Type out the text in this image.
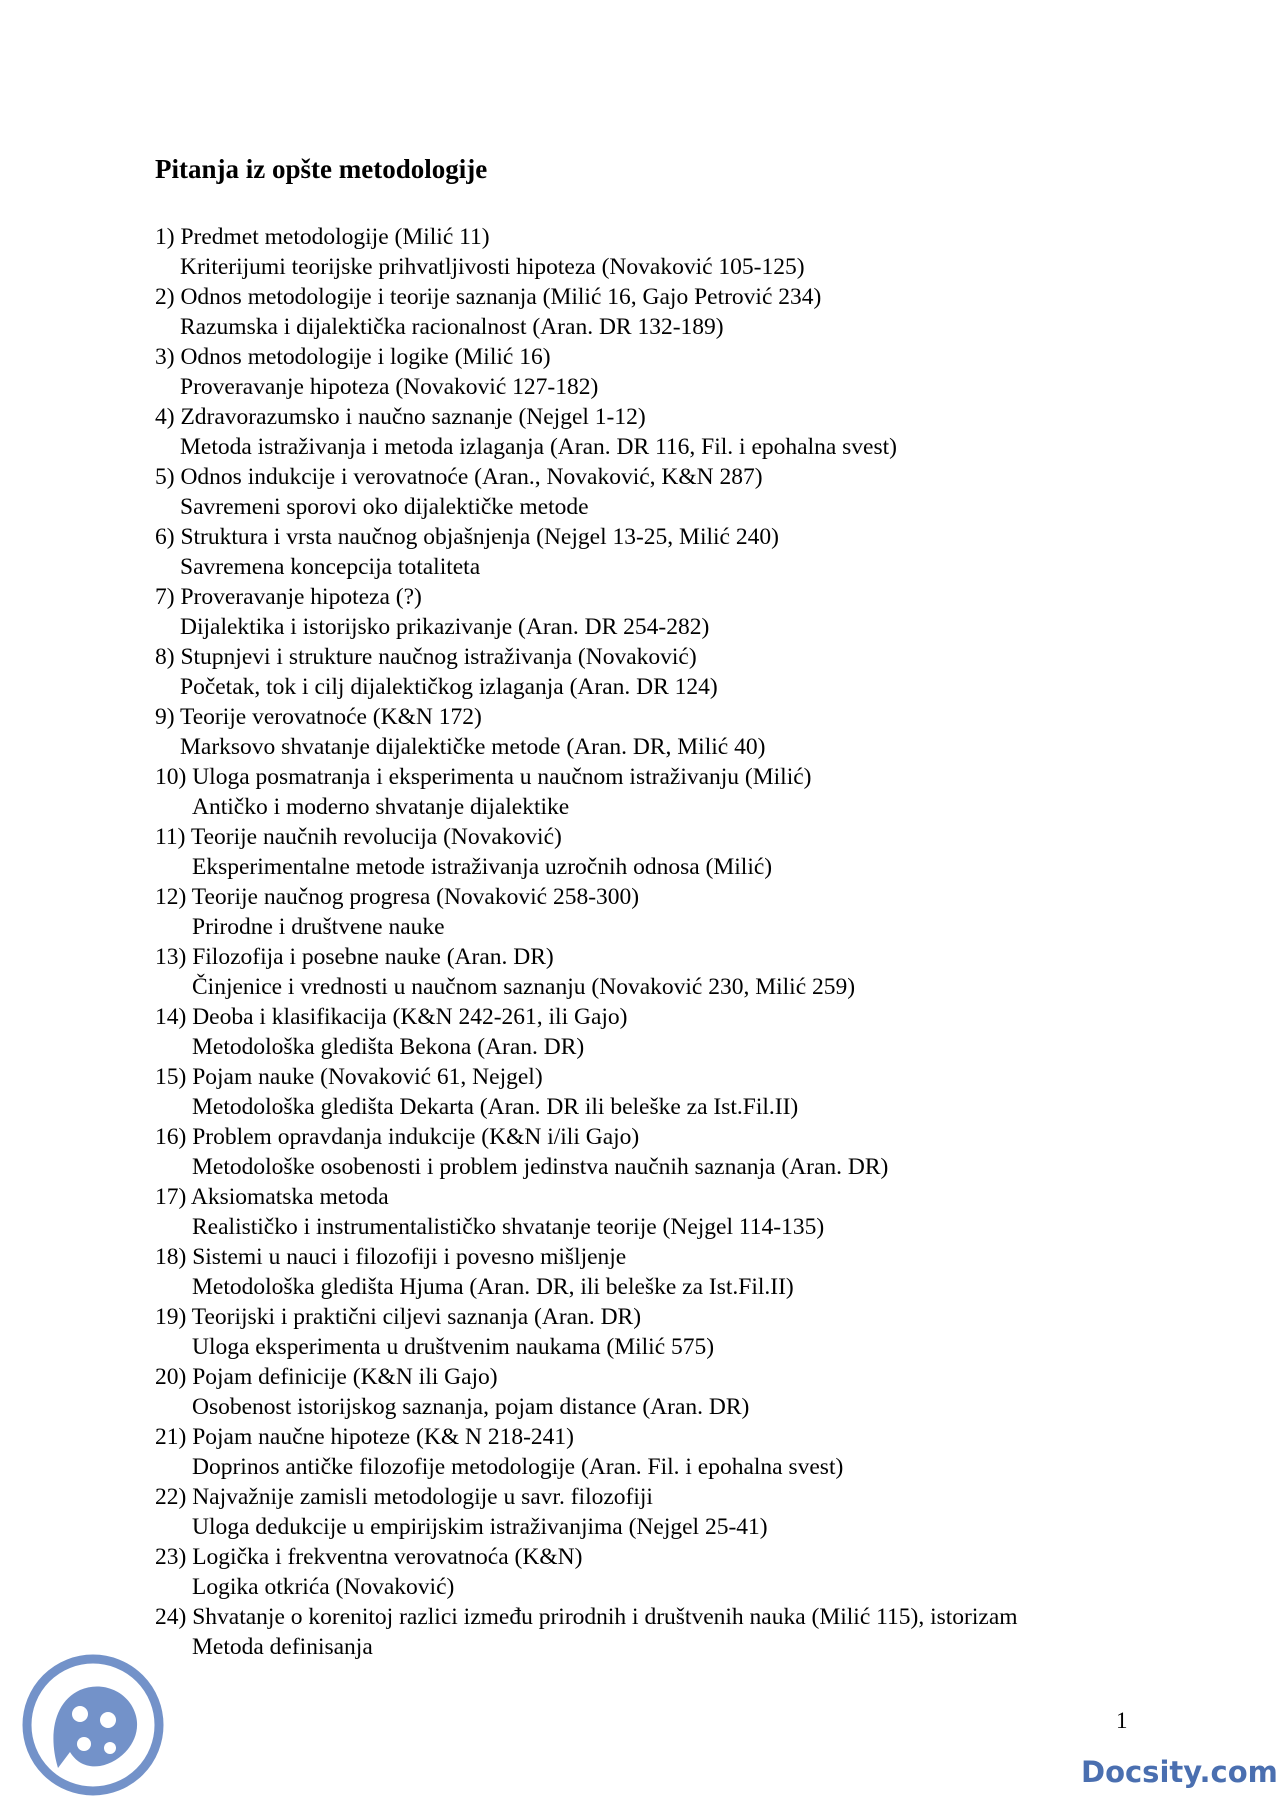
Pitanja iz opšte metodologije
1) Predmet metodologije (Milić 11)
Kriterijumi teorijske prihvatljivosti hipoteza (Novaković 105-125)
2) Odnos metodologije i teorije saznanja (Milić 16, Gajo Petrović 234)
Razumska i dijalektička racionalnost (Aran. DR 132-189)
3) Odnos metodologije i logike (Milić 16)
Proveravanje hipoteza (Novaković 127-182)
4) Zdravorazumsko i naučno saznanje (Nejgel 1-12)
Metoda istraživanja i metoda izlaganja (Aran. DR 116, Fil. i epohalna svest)
5) Odnos indukcije i verovatnoće (Aran., Novaković, K&N 287)
Savremeni sporovi oko dijalektičke metode
6) Struktura i vrsta naučnog objašnjenja (Nejgel 13-25, Milić 240)
Savremena koncepcija totaliteta
7) Proveravanje hipoteza (?)
Dijalektika i istorijsko prikazivanje (Aran. DR 254-282)
8) Stupnjevi i strukture naučnog istraživanja (Novaković)
Početak, tok i cilj dijalektičkog izlaganja (Aran. DR 124)
9) Teorije verovatnoće (K&N 172)
Marksovo shvatanje dijalektičke metode (Aran. DR, Milić 40)
10) Uloga posmatranja i eksperimenta u naučnom istraživanju (Milić)
Antičko i moderno shvatanje dijalektike
11) Teorije naučnih revolucija (Novaković)
Eksperimentalne metode istraživanja uzročnih odnosa (Milić)
12) Teorije naučnog progresa (Novaković 258-300)
Prirodne i društvene nauke
13) Filozofija i posebne nauke (Aran. DR)
Činjenice i vrednosti u naučnom saznanju (Novaković 230, Milić 259)
14) Deoba i klasifikacija (K&N 242-261, ili Gajo)
Metodološka gledišta Bekona (Aran. DR)
15) Pojam nauke (Novaković 61, Nejgel)
Metodološka gledišta Dekarta (Aran. DR ili beleške za Ist.Fil.II)
16) Problem opravdanja indukcije (K&N i/ili Gajo)
Metodološke osobenosti i problem jedinstva naučnih saznanja (Aran. DR)
17) Aksiomatska metoda
Realističko i instrumentalističko shvatanje teorije (Nejgel 114-135)
18) Sistemi u nauci i filozofiji i povesno mišljenje
Metodološka gledišta Hjuma (Aran. DR, ili beleške za Ist.Fil.II)
19) Teorijski i praktični ciljevi saznanja (Aran. DR)
Uloga eksperimenta u društvenim naukama (Milić 575)
20) Pojam definicije (K&N ili Gajo)
Osobenost istorijskog saznanja, pojam distance (Aran. DR)
21) Pojam naučne hipoteze (K& N 218-241)
Doprinos antičke filozofije metodologije (Aran. Fil. i epohalna svest)
22) Najvažnije zamisli metodologije u savr. filozofiji
Uloga dedukcije u empirijskim istraživanjima (Nejgel 25-41)
23) Logička i frekventna verovatnoća (K&N)
Logika otkrića (Novaković)
24) Shvatanje o korenitoj razlici između prirodnih i društvenih nauka (Milić 115), istorizam
Metoda definisanja
1
Docsity.com
